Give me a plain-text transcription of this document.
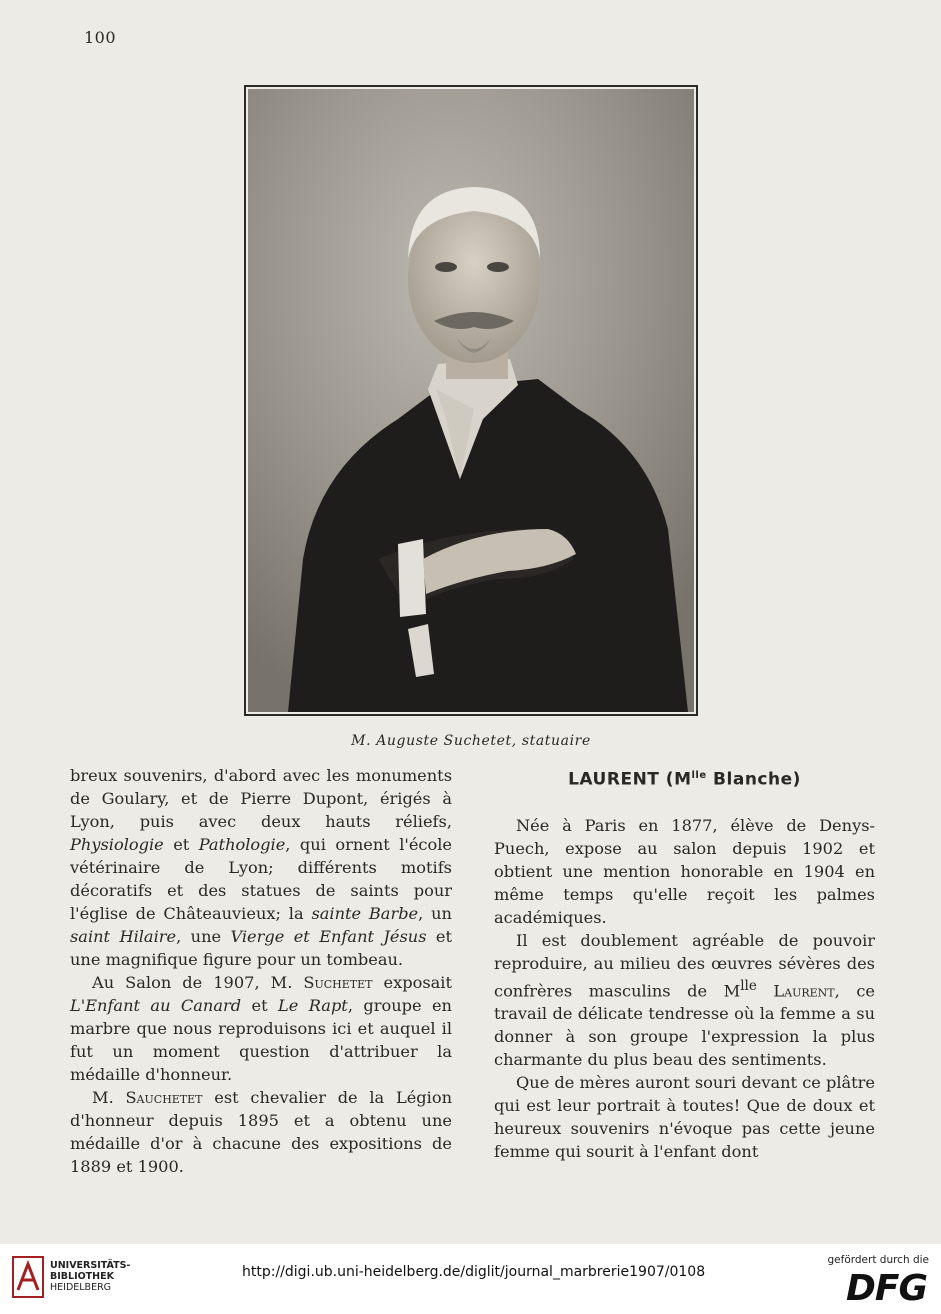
100
M. Auguste Suchetet, statuaire

breux souvenirs, d'abord avec les monuments de Goulary, et de Pierre Dupont, érigés à Lyon, puis avec deux hauts réliefs, Physiologie et Pathologie, qui ornent l'école vétérinaire de Lyon; différents motifs décoratifs et des statues de saints pour l'église de Châteauvieux; la sainte Barbe, un saint Hilaire, une Vierge et Enfant Jésus et une magnifique figure pour un tombeau.

Au Salon de 1907, M. Suchetet exposait L'Enfant au Canard et Le Rapt, groupe en marbre que nous reproduisons ici et auquel il fut un moment question d'attribuer la médaille d'honneur.

M. Sauchetet est chevalier de la Légion d'honneur depuis 1895 et a obtenu une médaille d'or à chacune des expositions de 1889 et 1900.

LAURENT ($M^{lle}$ Blanche)

Née à Paris en 1877, élève de Denys-Puech, expose au salon depuis 1902 et obtient une mention honorable en 1904 en même temps qu'elle reçoit les palmes académiques.

Il est doublement agréable de pouvoir reproduire, au milieu des œuvres sévères des confrères masculins de $M^{lle}$ Laurent, ce travail de délicate tendresse où la femme a su donner à son groupe l'expression la plus charmante du plus beau des sentiments.

Que de mères auront souri devant ce plâtre qui est leur portrait à toutes! Que de doux et heureux souvenirs n'évoque pas cette jeune femme qui sourit à l'enfant dont

UNIVERSITÄTS-
BIBLIOTHEK
HEIDELBERG
http://digi.ub.uni-heidelberg.de/diglit/journal_marbrerie1907/0108
gefördert durch die
DFG
